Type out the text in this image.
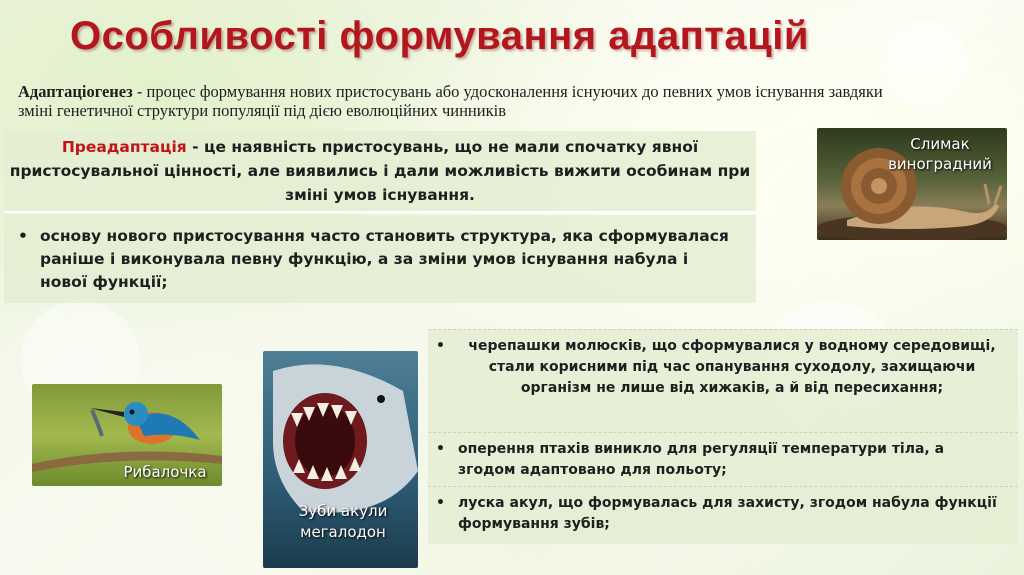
Особливості формування адаптацій
Адаптаціогенез - процес формування нових пристосувань або удосконалення існуючих до певних умов існування завдяки зміні генетичної структури популяції під дією еволюційних чинників
Преадаптація - це наявність пристосувань, що не мали спочатку явної пристосувальної цінності, але виявились і дали можливість вижити особинам при зміні умов існування.
• основу нового пристосування часто становить структура, яка сформувалася раніше і виконувала певну функцію, а за зміни умов існування набула і нової функції;
•	черепашки молюсків, що сформувалися у водному середовищі, стали корисними під час опанування суходолу, захищаючи організм не лише від хижаків, а й від пересихання;
• оперення птахів виникло для регуляції температури тіла, а згодом адаптовано для польоту;
• луска акул, що формувалась для захисту, згодом набула функції формування зубів;
Слимак виноградний
Рибалочка
Зуби акули мегалодон
